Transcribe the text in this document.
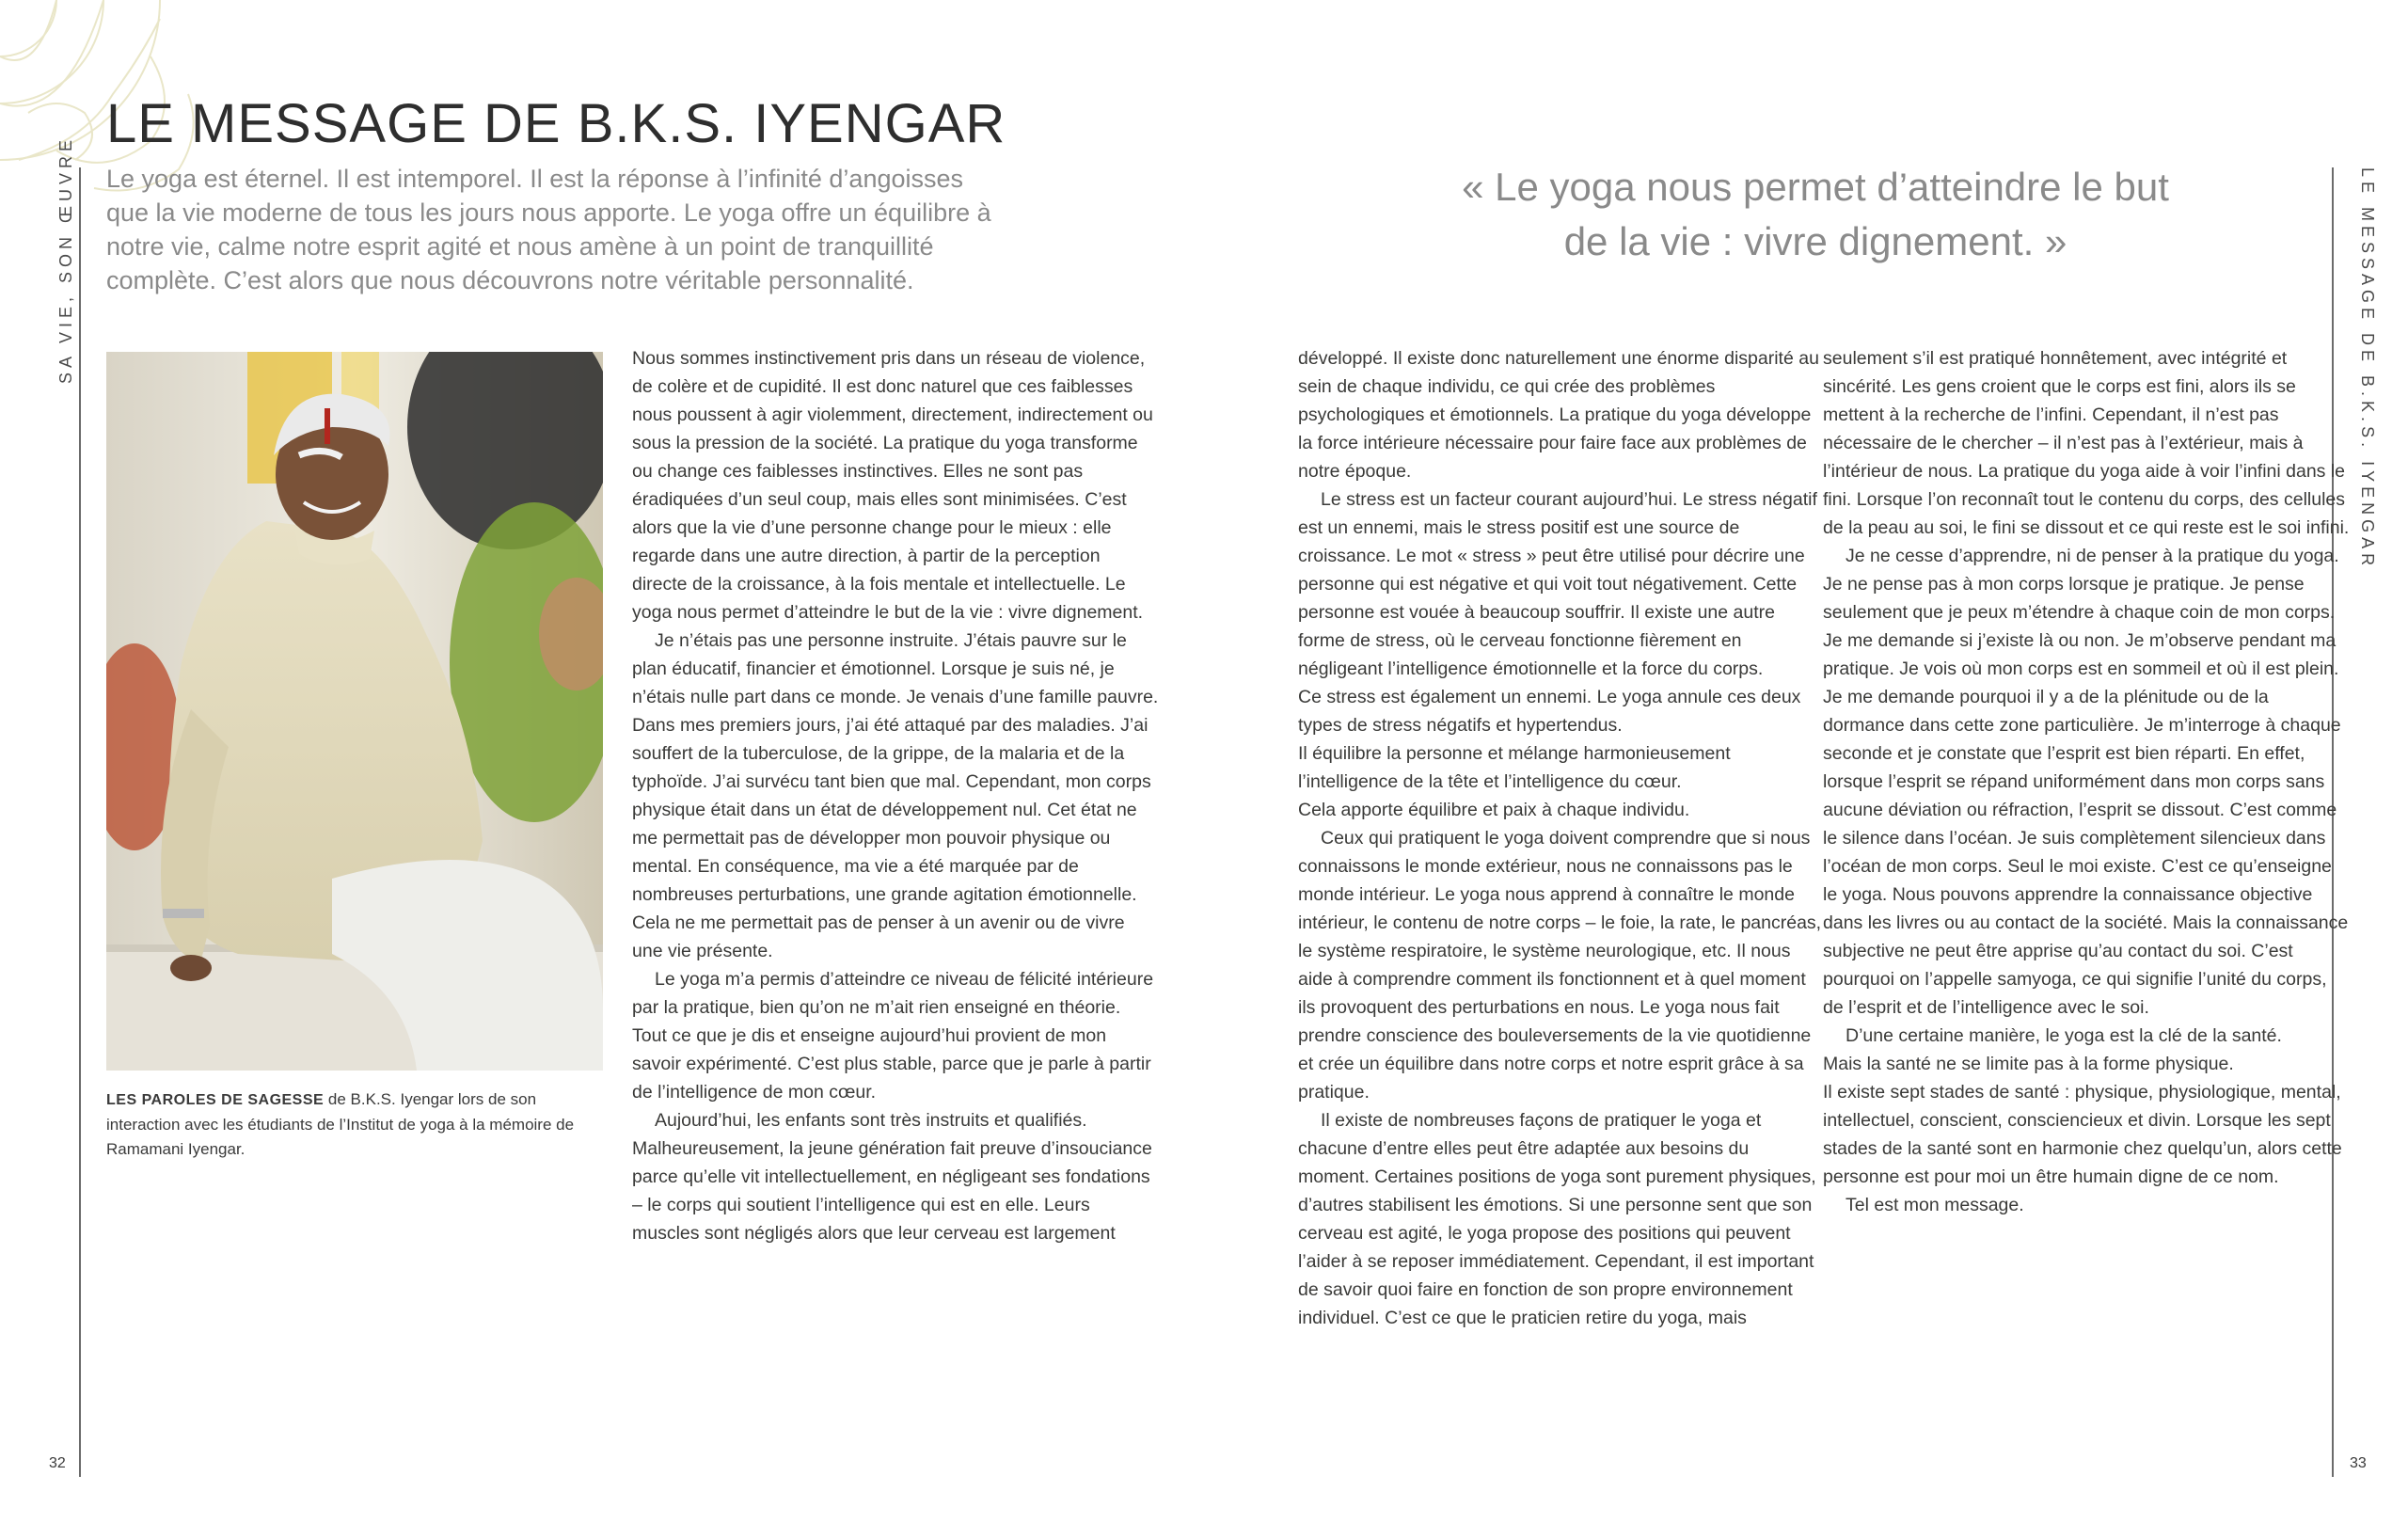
SA VIE, SON ŒUVRE	LE MESSAGE DE B.K.S. IYENGAR
32	33
LE MESSAGE DE B.K.S. IYENGAR

Le yoga est éternel. Il est intemporel. Il est la réponse à l’infinité d’angoisses que la vie moderne de tous les jours nous apporte. Le yoga offre un équilibre à notre vie, calme notre esprit agité et nous amène à un point de tranquillité complète. C’est alors que nous découvrons notre véritable personnalité.

« Le yoga nous permet d’atteindre le but
de la vie : vivre dignement. »

LES PAROLES DE SAGESSE de B.K.S. Iyengar lors de son interaction avec les étudiants de l’Institut de yoga à la mémoire de Ramamani Iyengar.

Nous sommes instinctivement pris dans un réseau de violence, de colère et de cupidité. Il est donc naturel que ces faiblesses nous poussent à agir violemment, directement, indirectement ou sous la pression de la société. La pratique du yoga transforme ou change ces faiblesses instinctives. Elles ne sont pas éradiquées d’un seul coup, mais elles sont minimisées. C’est alors que la vie d’une personne change pour le mieux : elle regarde dans une autre direction, à partir de la perception directe de la croissance, à la fois mentale et intellectuelle. Le yoga nous permet d’atteindre le but de la vie : vivre dignement.

Je n’étais pas une personne instruite. J’étais pauvre sur le plan éducatif, financier et émotionnel. Lorsque je suis né, je n’étais nulle part dans ce monde. Je venais d’une famille pauvre. Dans mes premiers jours, j’ai été attaqué par des maladies. J’ai souffert de la tuberculose, de la grippe, de la malaria et de la typhoïde. J’ai survécu tant bien que mal. Cependant, mon corps physique était dans un état de développement nul. Cet état ne me permettait pas de développer mon pouvoir physique ou mental. En conséquence, ma vie a été marquée par de nombreuses perturbations, une grande agitation émotionnelle. Cela ne me permettait pas de penser à un avenir ou de vivre une vie présente.

Le yoga m’a permis d’atteindre ce niveau de félicité intérieure par la pratique, bien qu’on ne m’ait rien enseigné en théorie. Tout ce que je dis et enseigne aujourd’hui provient de mon savoir expérimenté. C’est plus stable, parce que je parle à partir de l’intelligence de mon cœur.

Aujourd’hui, les enfants sont très instruits et qualifiés. Malheureusement, la jeune génération fait preuve d’insouciance parce qu’elle vit intellectuellement, en négligeant ses fondations – le corps qui soutient l’intelligence qui est en elle. Leurs muscles sont négligés alors que leur cerveau est largement

développé. Il existe donc naturellement une énorme disparité au sein de chaque individu, ce qui crée des problèmes psychologiques et émotionnels. La pratique du yoga développe la force intérieure nécessaire pour faire face aux problèmes de notre époque.

Le stress est un facteur courant aujourd’hui. Le stress négatif est un ennemi, mais le stress positif est une source de croissance. Le mot « stress » peut être utilisé pour décrire une personne qui est négative et qui voit tout négativement. Cette personne est vouée à beaucoup souffrir. Il existe une autre forme de stress, où le cerveau fonctionne fièrement en négligeant l’intelligence émotionnelle et la force du corps.

Ce stress est également un ennemi. Le yoga annule ces deux types de stress négatifs et hypertendus.

Il équilibre la personne et mélange harmonieusement l’intelligence de la tête et l’intelligence du cœur.

Cela apporte équilibre et paix à chaque individu.

Ceux qui pratiquent le yoga doivent comprendre que si nous connaissons le monde extérieur, nous ne connaissons pas le monde intérieur. Le yoga nous apprend à connaître le monde intérieur, le contenu de notre corps – le foie, la rate, le pancréas, le système respiratoire, le système neurologique, etc. Il nous aide à comprendre comment ils fonctionnent et à quel moment ils provoquent des perturbations en nous. Le yoga nous fait prendre conscience des bouleversements de la vie quotidienne et crée un équilibre dans notre corps et notre esprit grâce à sa pratique.

Il existe de nombreuses façons de pratiquer le yoga et chacune d’entre elles peut être adaptée aux besoins du moment. Certaines positions de yoga sont purement physiques, d’autres stabilisent les émotions. Si une personne sent que son cerveau est agité, le yoga propose des positions qui peuvent l’aider à se reposer immédiatement. Cependant, il est important de savoir quoi faire en fonction de son propre environnement individuel. C’est ce que le praticien retire du yoga, mais

seulement s’il est pratiqué honnêtement, avec intégrité et sincérité. Les gens croient que le corps est fini, alors ils se mettent à la recherche de l’infini. Cependant, il n’est pas nécessaire de le chercher – il n’est pas à l’extérieur, mais à l’intérieur de nous. La pratique du yoga aide à voir l’infini dans le fini. Lorsque l’on reconnaît tout le contenu du corps, des cellules de la peau au soi, le fini se dissout et ce qui reste est le soi infini.

Je ne cesse d’apprendre, ni de penser à la pratique du yoga. Je ne pense pas à mon corps lorsque je pratique. Je pense seulement que je peux m’étendre à chaque coin de mon corps. Je me demande si j’existe là ou non. Je m’observe pendant ma pratique. Je vois où mon corps est en sommeil et où il est plein. Je me demande pourquoi il y a de la plénitude ou de la dormance dans cette zone particulière. Je m’interroge à chaque seconde et je constate que l’esprit est bien réparti. En effet, lorsque l’esprit se répand uniformément dans mon corps sans aucune déviation ou réfraction, l’esprit se dissout. C’est comme le silence dans l’océan. Je suis complètement silencieux dans l’océan de mon corps. Seul le moi existe. C’est ce qu’enseigne le yoga. Nous pouvons apprendre la connaissance objective dans les livres ou au contact de la société. Mais la connaissance subjective ne peut être apprise qu’au contact du soi. C’est pourquoi on l’appelle samyoga, ce qui signifie l’unité du corps, de l’esprit et de l’intelligence avec le soi.

D’une certaine manière, le yoga est la clé de la santé.

Mais la santé ne se limite pas à la forme physique.

Il existe sept stades de santé : physique, physiologique, mental, intellectuel, conscient, consciencieux et divin. Lorsque les sept stades de la santé sont en harmonie chez quelqu’un, alors cette personne est pour moi un être humain digne de ce nom.

Tel est mon message.
